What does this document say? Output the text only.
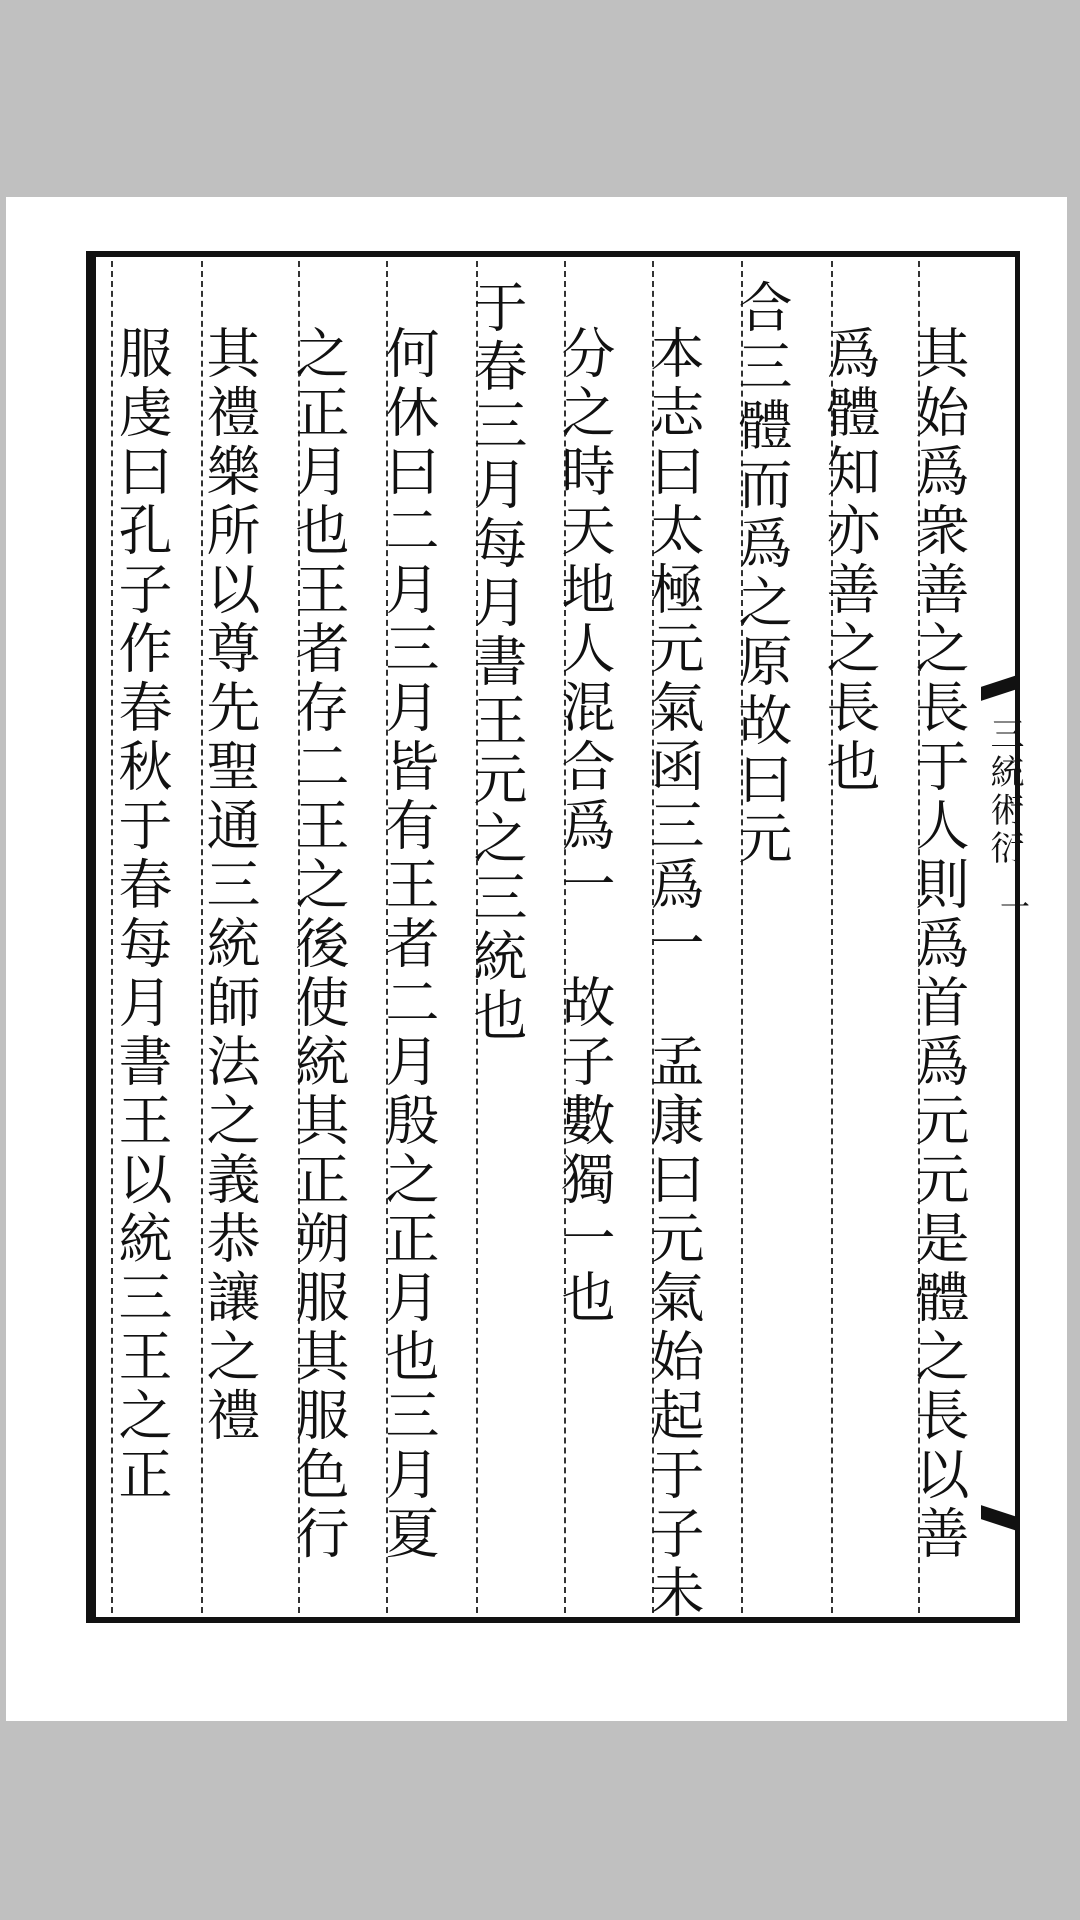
其始爲衆善之長于人則爲首爲元元是體之長以善
爲體知亦善之長也
合三體而爲之原故曰元
本志曰太極元氣函三爲一　孟康曰元氣始起于子未
分之時天地人混合爲一　故子數獨一也
于春三月每月書王元之三統也
何休曰二月三月皆有王者二月殷之正月也三月夏
之正月也王者存二王之後使統其正朔服其服色行
其禮樂所以尊先聖通三統師法之義恭讓之禮
服虔曰孔子作春秋于春每月書王以統三王之正	三統術衍
一
